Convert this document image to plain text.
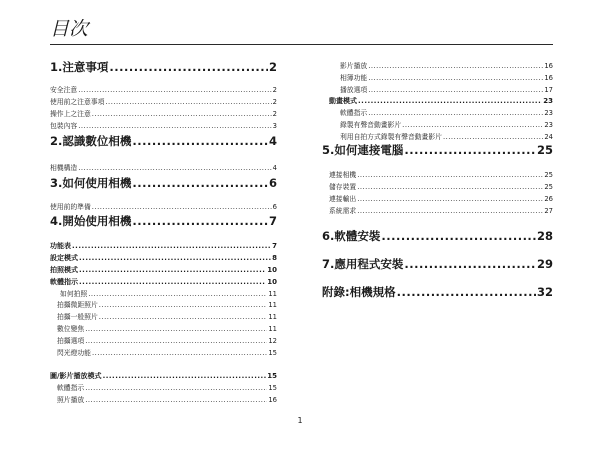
目次
1.注意事項 .....	2
安全注意 .....	2
使用前之注意事項 .....	2
操作上之注意 .....	2
包裝內容 .....	3
2.認識數位相機 .....	4
相機構造 .....	4
3.如何使用相機 .....	6
使用前的準備 .....	6
4.開始使用相機 .....	7
功能表 .....	7
設定模式 .....	8
拍照模式 .....	10
軟體指示 .....	10
如何拍照 .....	11
拍攝微距照片 .....	11
拍攝一般照片 .....	11
數位變焦 .....	11
拍攝選項 .....	12
閃光燈功能 .....	15
圖/影片播放模式 .....	15
軟體指示 .....	15
照片播放 .....	16
影片播放 .....	16
相簿功能 .....	16
播放選項 .....	17
動畫模式 .....	23
軟體指示 .....	23
錄製有聲音動畫影片 .....	23
利用自拍方式錄製有聲音動畫影片 .....	24
5.如何連接電腦 .....	25
連接相機 .....	25
儲存裝置 .....	25
連接輸出 .....	26
系統需求 .....	27
6.軟體安裝 .....	28
7.應用程式安裝 .....	29
附錄:相機規格 .....	32
1
